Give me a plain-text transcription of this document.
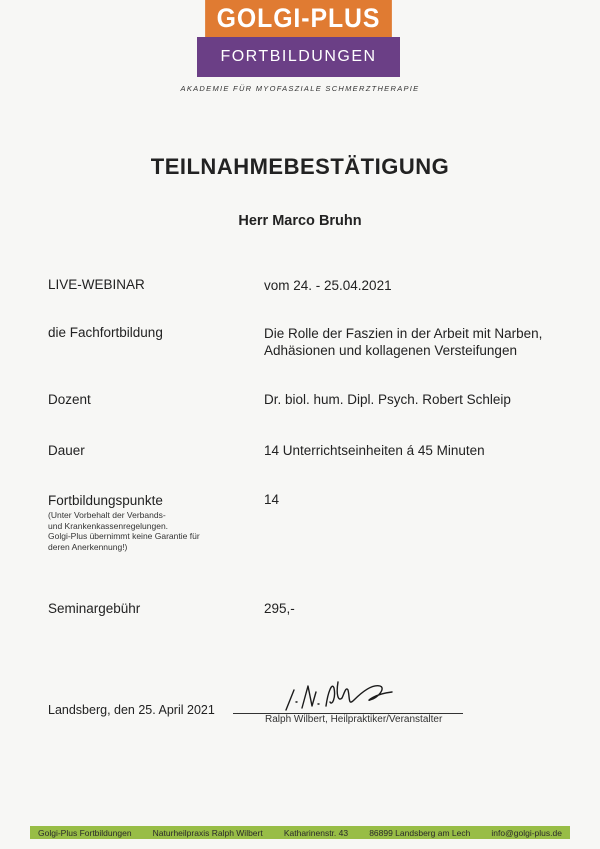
GOLGI-PLUS
FORTBILDUNGEN
AKADEMIE FÜR MYOFASZIALE SCHMERZTHERAPIE
TEILNAHMEBESTÄTIGUNG
Herr Marco Bruhn
LIVE-WEBINAR	vom 24. - 25.04.2021
die Fachfortbildung	Die Rolle der Faszien in der Arbeit mit Narben,
Adhäsionen und kollagenen Versteifungen
Dozent	Dr. biol. hum. Dipl. Psych. Robert Schleip
Dauer	14 Unterrichtseinheiten á 45 Minuten
Fortbildungspunkte	14
(Unter Vorbehalt der Verbands-
und Krankenkassenregelungen.
Golgi-Plus übernimmt keine Garantie für
deren Anerkennung!)
Seminargebühr	295,-
Landsberg, den 25. April 2021
Ralph Wilbert, Heilpraktiker/Veranstalter
Golgi-Plus Fortbildungen Naturheilpraxis Ralph Wilbert Katharinenstr. 43 86899 Landsberg am Lech info@golgi-plus.de
